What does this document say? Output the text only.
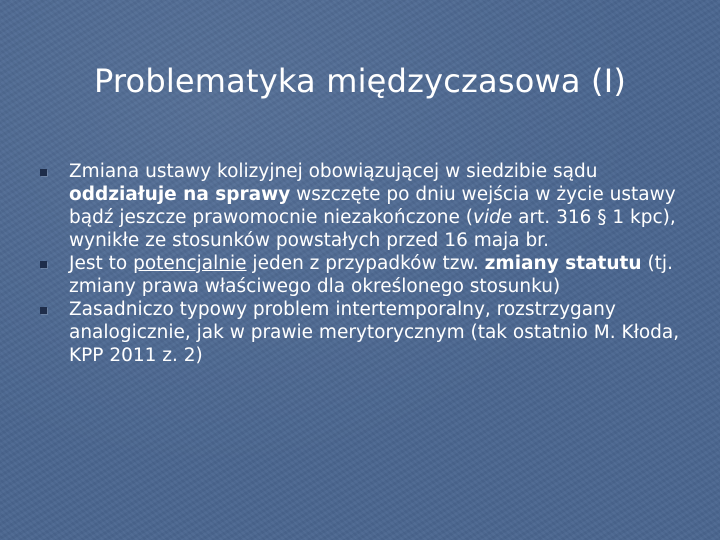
Problematyka międzyczasowa (I)
Zmiana ustawy kolizyjnej obowiązującej w siedzibie sądu oddziałuje na sprawy wszczęte po dniu wejścia w życie ustawy bądź jeszcze prawomocnie niezakończone (vide art. 316 § 1 kpc), wynikłe ze stosunków powstałych przed 16 maja br.
Jest to potencjalnie jeden z przypadków tzw. zmiany statutu (tj. zmiany prawa właściwego dla określonego stosunku)
Zasadniczo typowy problem intertemporalny, rozstrzygany analogicznie, jak w prawie merytorycznym (tak ostatnio M. Kłoda, KPP 2011 z. 2)
